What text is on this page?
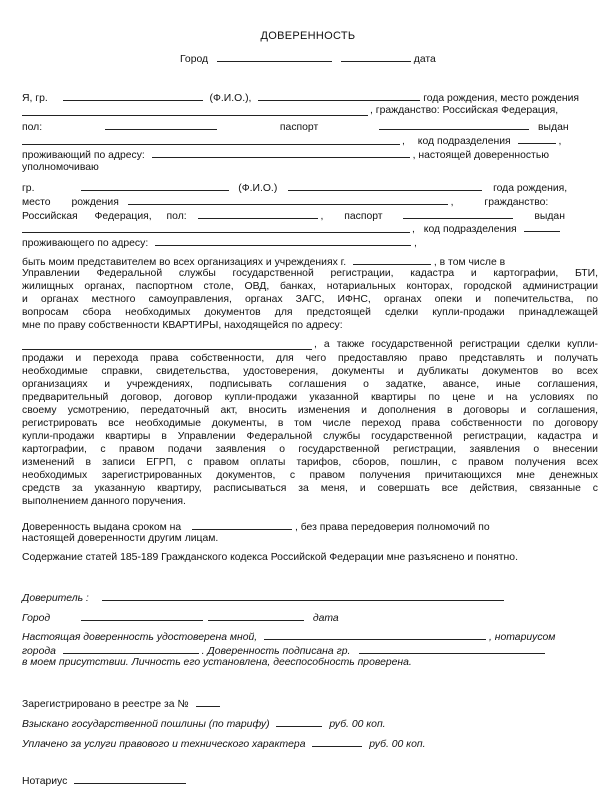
ДОВЕРЕННОСТЬ
Город	дата
Я, гр.	(Ф.И.О.),	года рождения, место рождения
, гражданство: Российская Федерация,
пол:	паспорт	выдан
, код подразделения	,
проживающий по адресу:	, настоящей доверенностью
уполномочиваю
гр.	(Ф.И.О.)	года рождения,
место рождения	,	гражданство:
Российская Федерация, пол:	, паспорт	выдан
, код подразделения
проживающего по адресу:	,
быть моим представителем во всех организациях и учреждениях г.	, в том числе в
Управлении Федеральной службы государственной регистрации, кадастра и картографии, БТИ,
жилищных органах, паспортном столе, ОВД, банках, нотариальных конторах, городской администрации
и органах местного самоуправления, органах ЗАГС, ИФНС, органах опеки и попечительства, по
вопросам сбора необходимых документов для предстоящей сделки купли-продажи принадлежащей
мне по праву собственности КВАРТИРЫ, находящейся по адресу:
, а также государственной регистрации сделки купли-
продажи и перехода права собственности, для чего предоставляю право представлять и получать
необходимые справки, свидетельства, удостоверения, документы и дубликаты документов во всех
организациях и учреждениях, подписывать соглашения о задатке, авансе, иные соглашения,
предварительный договор, договор купли-продажи указанной квартиры по цене и на условиях по
своему усмотрению, передаточный акт, вносить изменения и дополнения в договоры и соглашения,
регистрировать все необходимые документы, в том числе переход права собственности по договору
купли-продажи квартиры в Управлении Федеральной службы государственной регистрации, кадастра и
картографии, с правом подачи заявления о государственной регистрации, заявления о внесении
изменений в записи ЕГРП, с правом оплаты тарифов, сборов, пошлин, с правом получения всех
необходимых зарегистрированных документов, с правом получения причитающихся мне денежных
средств за указанную квартиру, расписываться за меня, и совершать все действия, связанные с
выполнением данного поручения.
Доверенность выдана сроком на	, без права передоверия полномочий по
настоящей доверенности другим лицам.
Содержание статей 185-189 Гражданского кодекса Российской Федерации мне разъяснено и понятно.
Доверитель :
Город	дата
Настоящая доверенность удостоверена мной,	, нотариусом
города	. Доверенность подписана гр.
в моем присутствии. Личность его установлена, дееспособность проверена.
Зарегистрировано в реестре за №
Взыскано государственной пошлины (по тарифу)	руб. 00 коп.
Уплачено за услуги правового и технического характера	руб. 00 коп.
Нотариус
